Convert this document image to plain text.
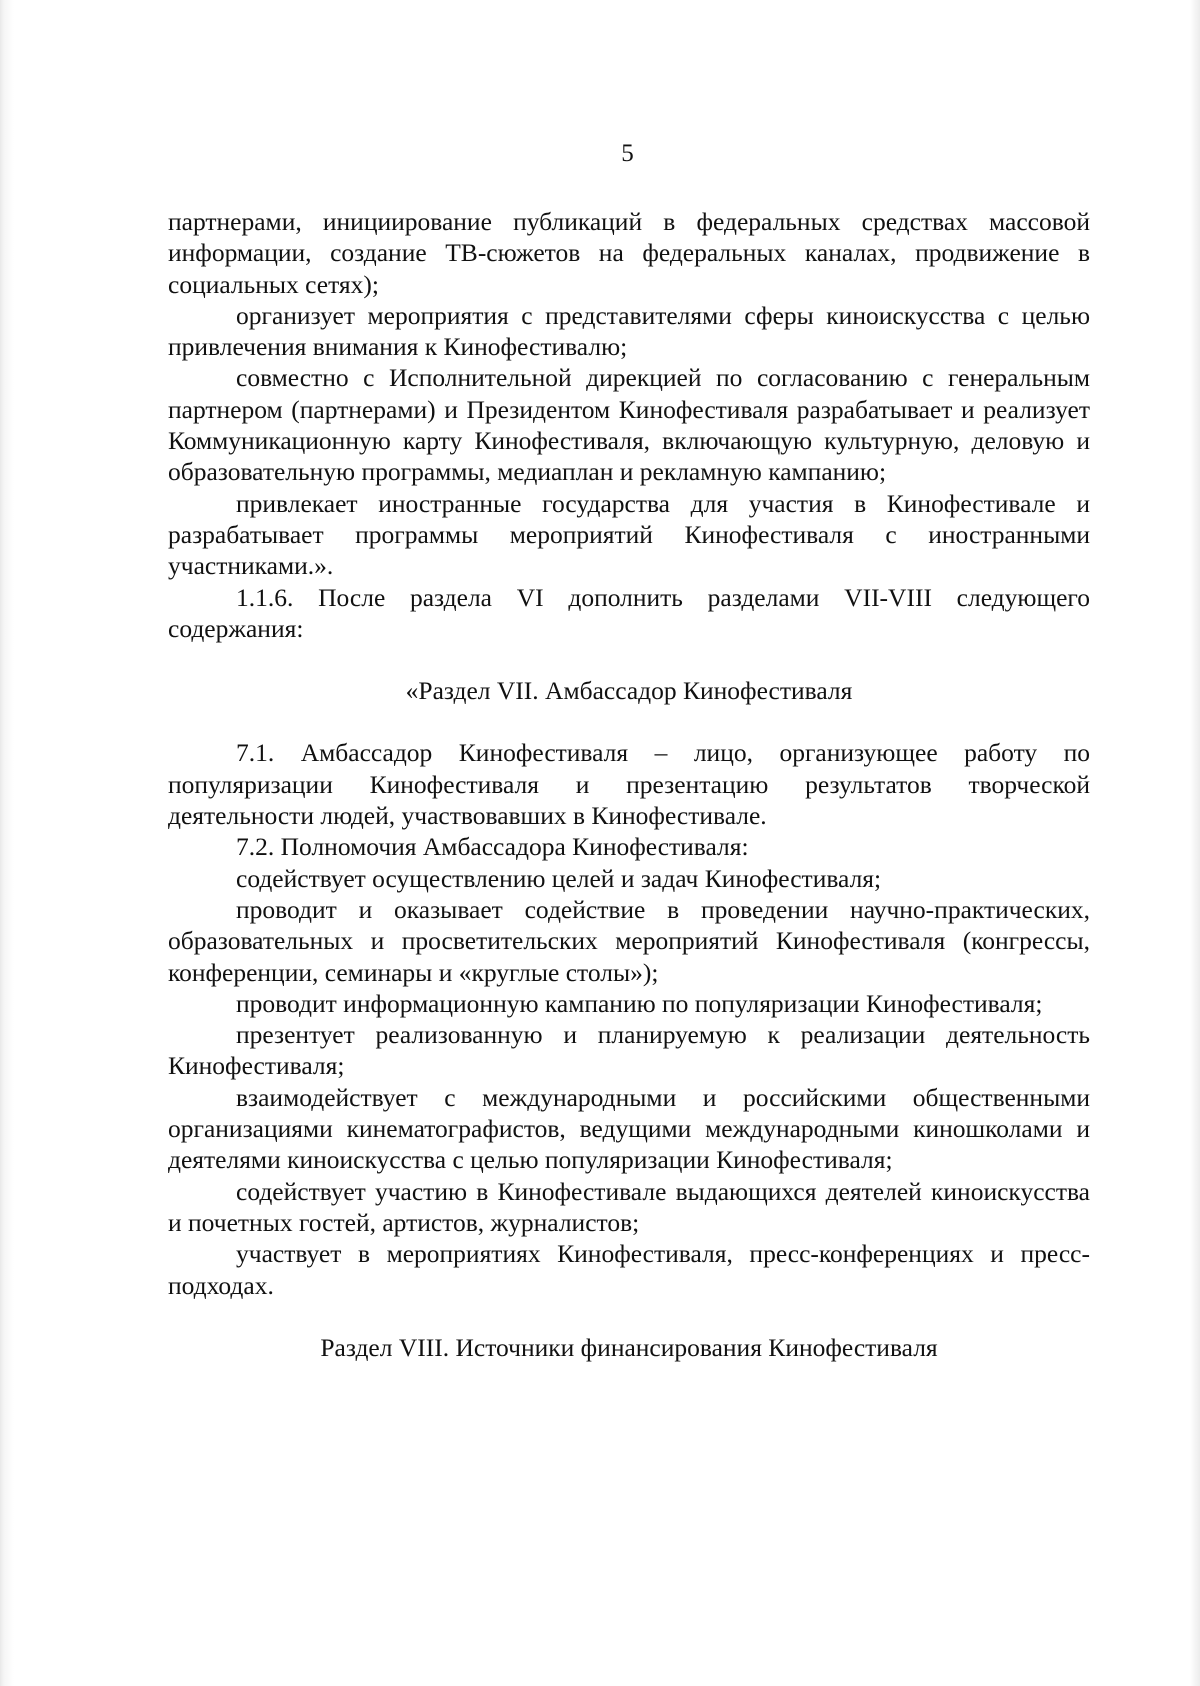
5

партнерами, инициирование публикаций в федеральных средствах массовой информации, создание ТВ-сюжетов на федеральных каналах, продвижение в социальных сетях);

организует мероприятия с представителями сферы киноискусства с целью привлечения внимания к Кинофестивалю;

совместно с Исполнительной дирекцией по согласованию с генеральным партнером (партнерами) и Президентом Кинофестиваля разрабатывает и реализует Коммуникационную карту Кинофестиваля, включающую культурную, деловую и образовательную программы, медиаплан и рекламную кампанию;

привлекает иностранные государства для участия в Кинофестивале и разрабатывает программы мероприятий Кинофестиваля с иностранными участниками.».

1.1.6. После раздела VI дополнить разделами VII-VIII следующего содержания:

«Раздел VII. Амбассадор Кинофестиваля

7.1. Амбассадор Кинофестиваля – лицо, организующее работу по популяризации Кинофестиваля и презентацию результатов творческой деятельности людей, участвовавших в Кинофестивале.

7.2. Полномочия Амбассадора Кинофестиваля:

содействует осуществлению целей и задач Кинофестиваля;

проводит и оказывает содействие в проведении научно-практических, образовательных и просветительских мероприятий Кинофестиваля (конгрессы, конференции, семинары и «круглые столы»);

проводит информационную кампанию по популяризации Кинофестиваля;

презентует реализованную и планируемую к реализации деятельность Кинофестиваля;

взаимодействует с международными и российскими общественными организациями кинематографистов, ведущими международными киношколами и деятелями киноискусства с целью популяризации Кинофестиваля;

содействует участию в Кинофестивале выдающихся деятелей киноискусства и почетных гостей, артистов, журналистов;

участвует в мероприятиях Кинофестиваля, пресс-конференциях и пресс-подходах.

Раздел VIII. Источники финансирования Кинофестиваля
